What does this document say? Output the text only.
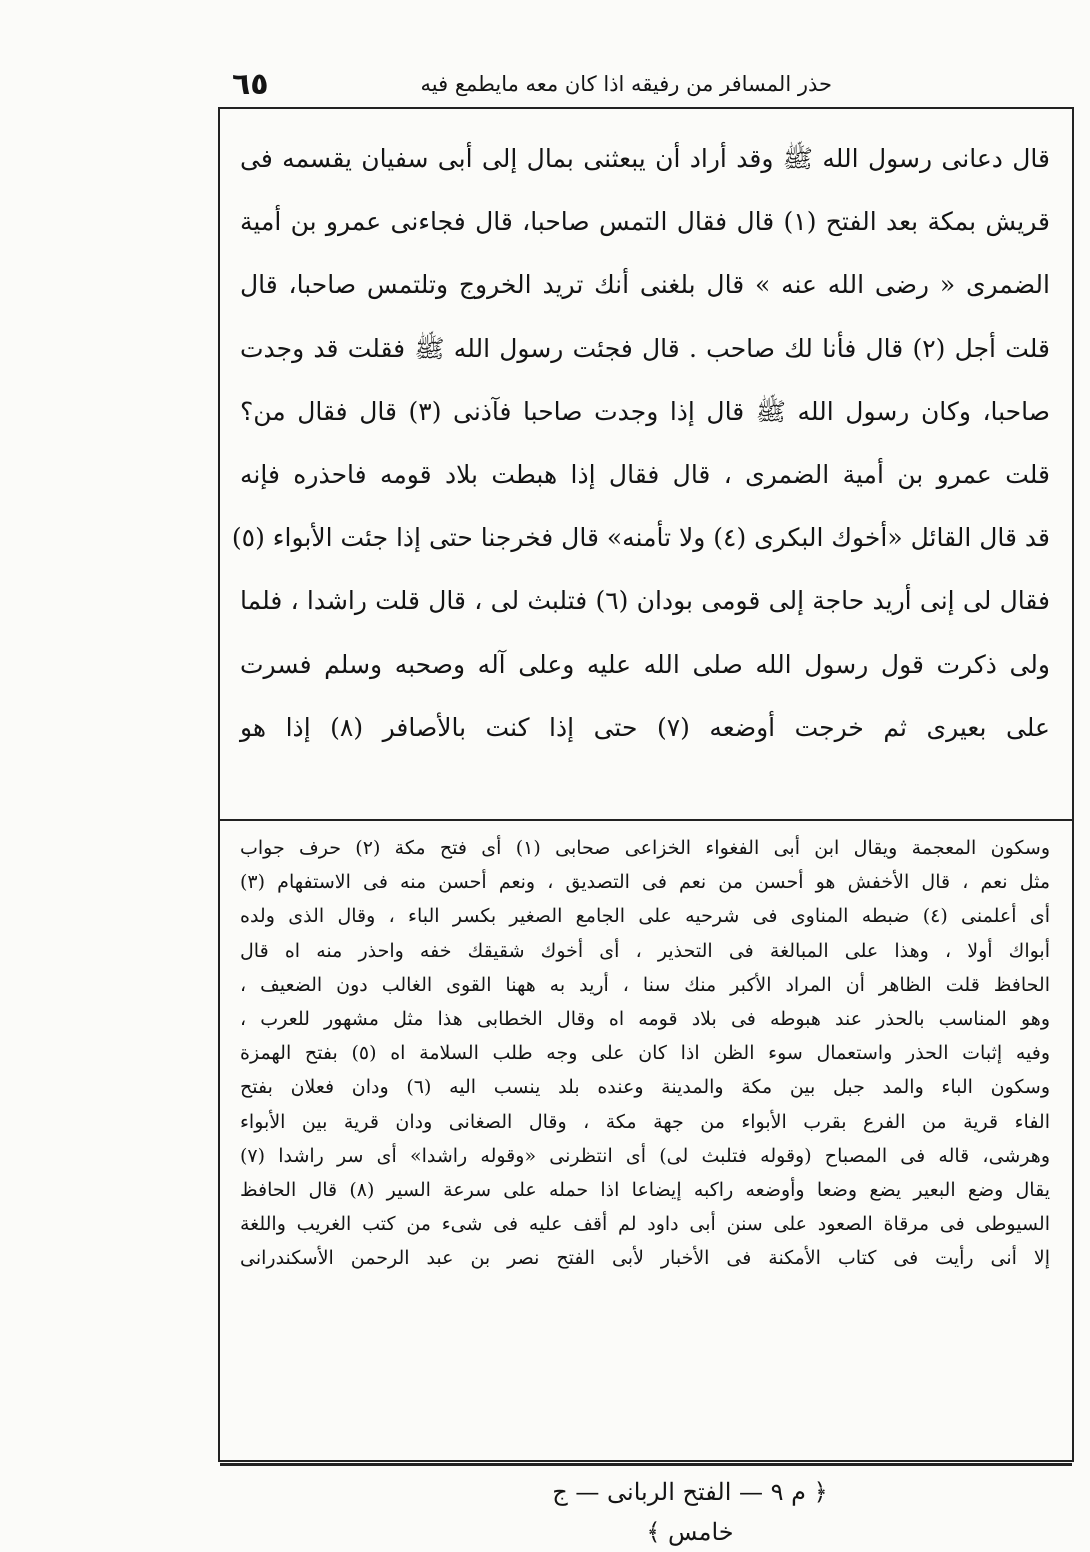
٦٥	حذر المسافر من رفيقه اذا كان معه مايطمع فيه
قال دعانى رسول الله ﷺ وقد أراد أن يبعثنى بمال إلى أبى سفيان يقسمه فى
قريش بمكة بعد الفتح (١) قال فقال التمس صاحبا، قال فجاءنى عمرو بن أمية
الضمرى « رضى الله عنه » قال بلغنى أنك تريد الخروج وتلتمس صاحبا، قال
قلت أجل (٢) قال فأنا لك صاحب . قال فجئت رسول الله ﷺ فقلت قد وجدت
صاحبا، وكان رسول الله ﷺ قال إذا وجدت صاحبا فآذنى (٣) قال فقال من؟
قلت عمرو بن أمية الضمرى ، قال فقال إذا هبطت بلاد قومه فاحذره فإنه
قد قال القائل «أخوك البكرى (٤) ولا تأمنه» قال فخرجنا حتى إذا جئت الأبواء (٥)
فقال لى إنى أريد حاجة إلى قومى بودان (٦) فتلبث لى ، قال قلت راشدا ، فلما
ولى ذكرت قول رسول الله صلى الله عليه وعلى آله وصحبه وسلم فسرت
على بعيرى ثم خرجت أوضعه (٧) حتى إذا كنت بالأصافر (٨) إذا هو
وسكون المعجمة ويقال ابن أبى الفغواء الخزاعى صحابى (١) أى فتح مكة (٢) حرف جواب
مثل نعم ، قال الأخفش هو أحسن من نعم فى التصديق ، ونعم أحسن منه فى الاستفهام (٣)
أى أعلمنى (٤) ضبطه المناوى فى شرحيه على الجامع الصغير بكسر الباء ، وقال الذى ولده
أبواك أولا ، وهذا على المبالغة فى التحذير ، أى أخوك شقيقك خفه واحذر منه اه قال
الحافظ قلت الظاهر أن المراد الأكبر منك سنا ، أريد به ههنا القوى الغالب دون الضعيف ،
وهو المناسب بالحذر عند هبوطه فى بلاد قومه اه وقال الخطابى هذا مثل مشهور للعرب ،
وفيه إثبات الحذر واستعمال سوء الظن اذا كان على وجه طلب السلامة اه (٥) بفتح الهمزة
وسكون الباء والمد جبل بين مكة والمدينة وعنده بلد ينسب اليه (٦) ودان فعلان بفتح
الفاء قرية من الفرع بقرب الأبواء من جهة مكة ، وقال الصغانى ودان قرية بين الأبواء
وهرشى، قاله فى المصباح (وقوله فتلبث لى) أى انتظرنى «وقوله راشدا» أى سر راشدا (٧)
يقال وضع البعير يضع وضعا وأوضعه راكبه إيضاعا اذا حمله على سرعة السير (٨) قال الحافظ
السيوطى فى مرقاة الصعود على سنن أبى داود لم أقف عليه فى شىء من كتب الغريب واللغة
إلا أنى رأيت فى كتاب الأمكنة فى الأخبار لأبى الفتح نصر بن عبد الرحمن الأسكندرانى
﴿ م ٩ — الفتح الربانى — ج خامس ﴾
